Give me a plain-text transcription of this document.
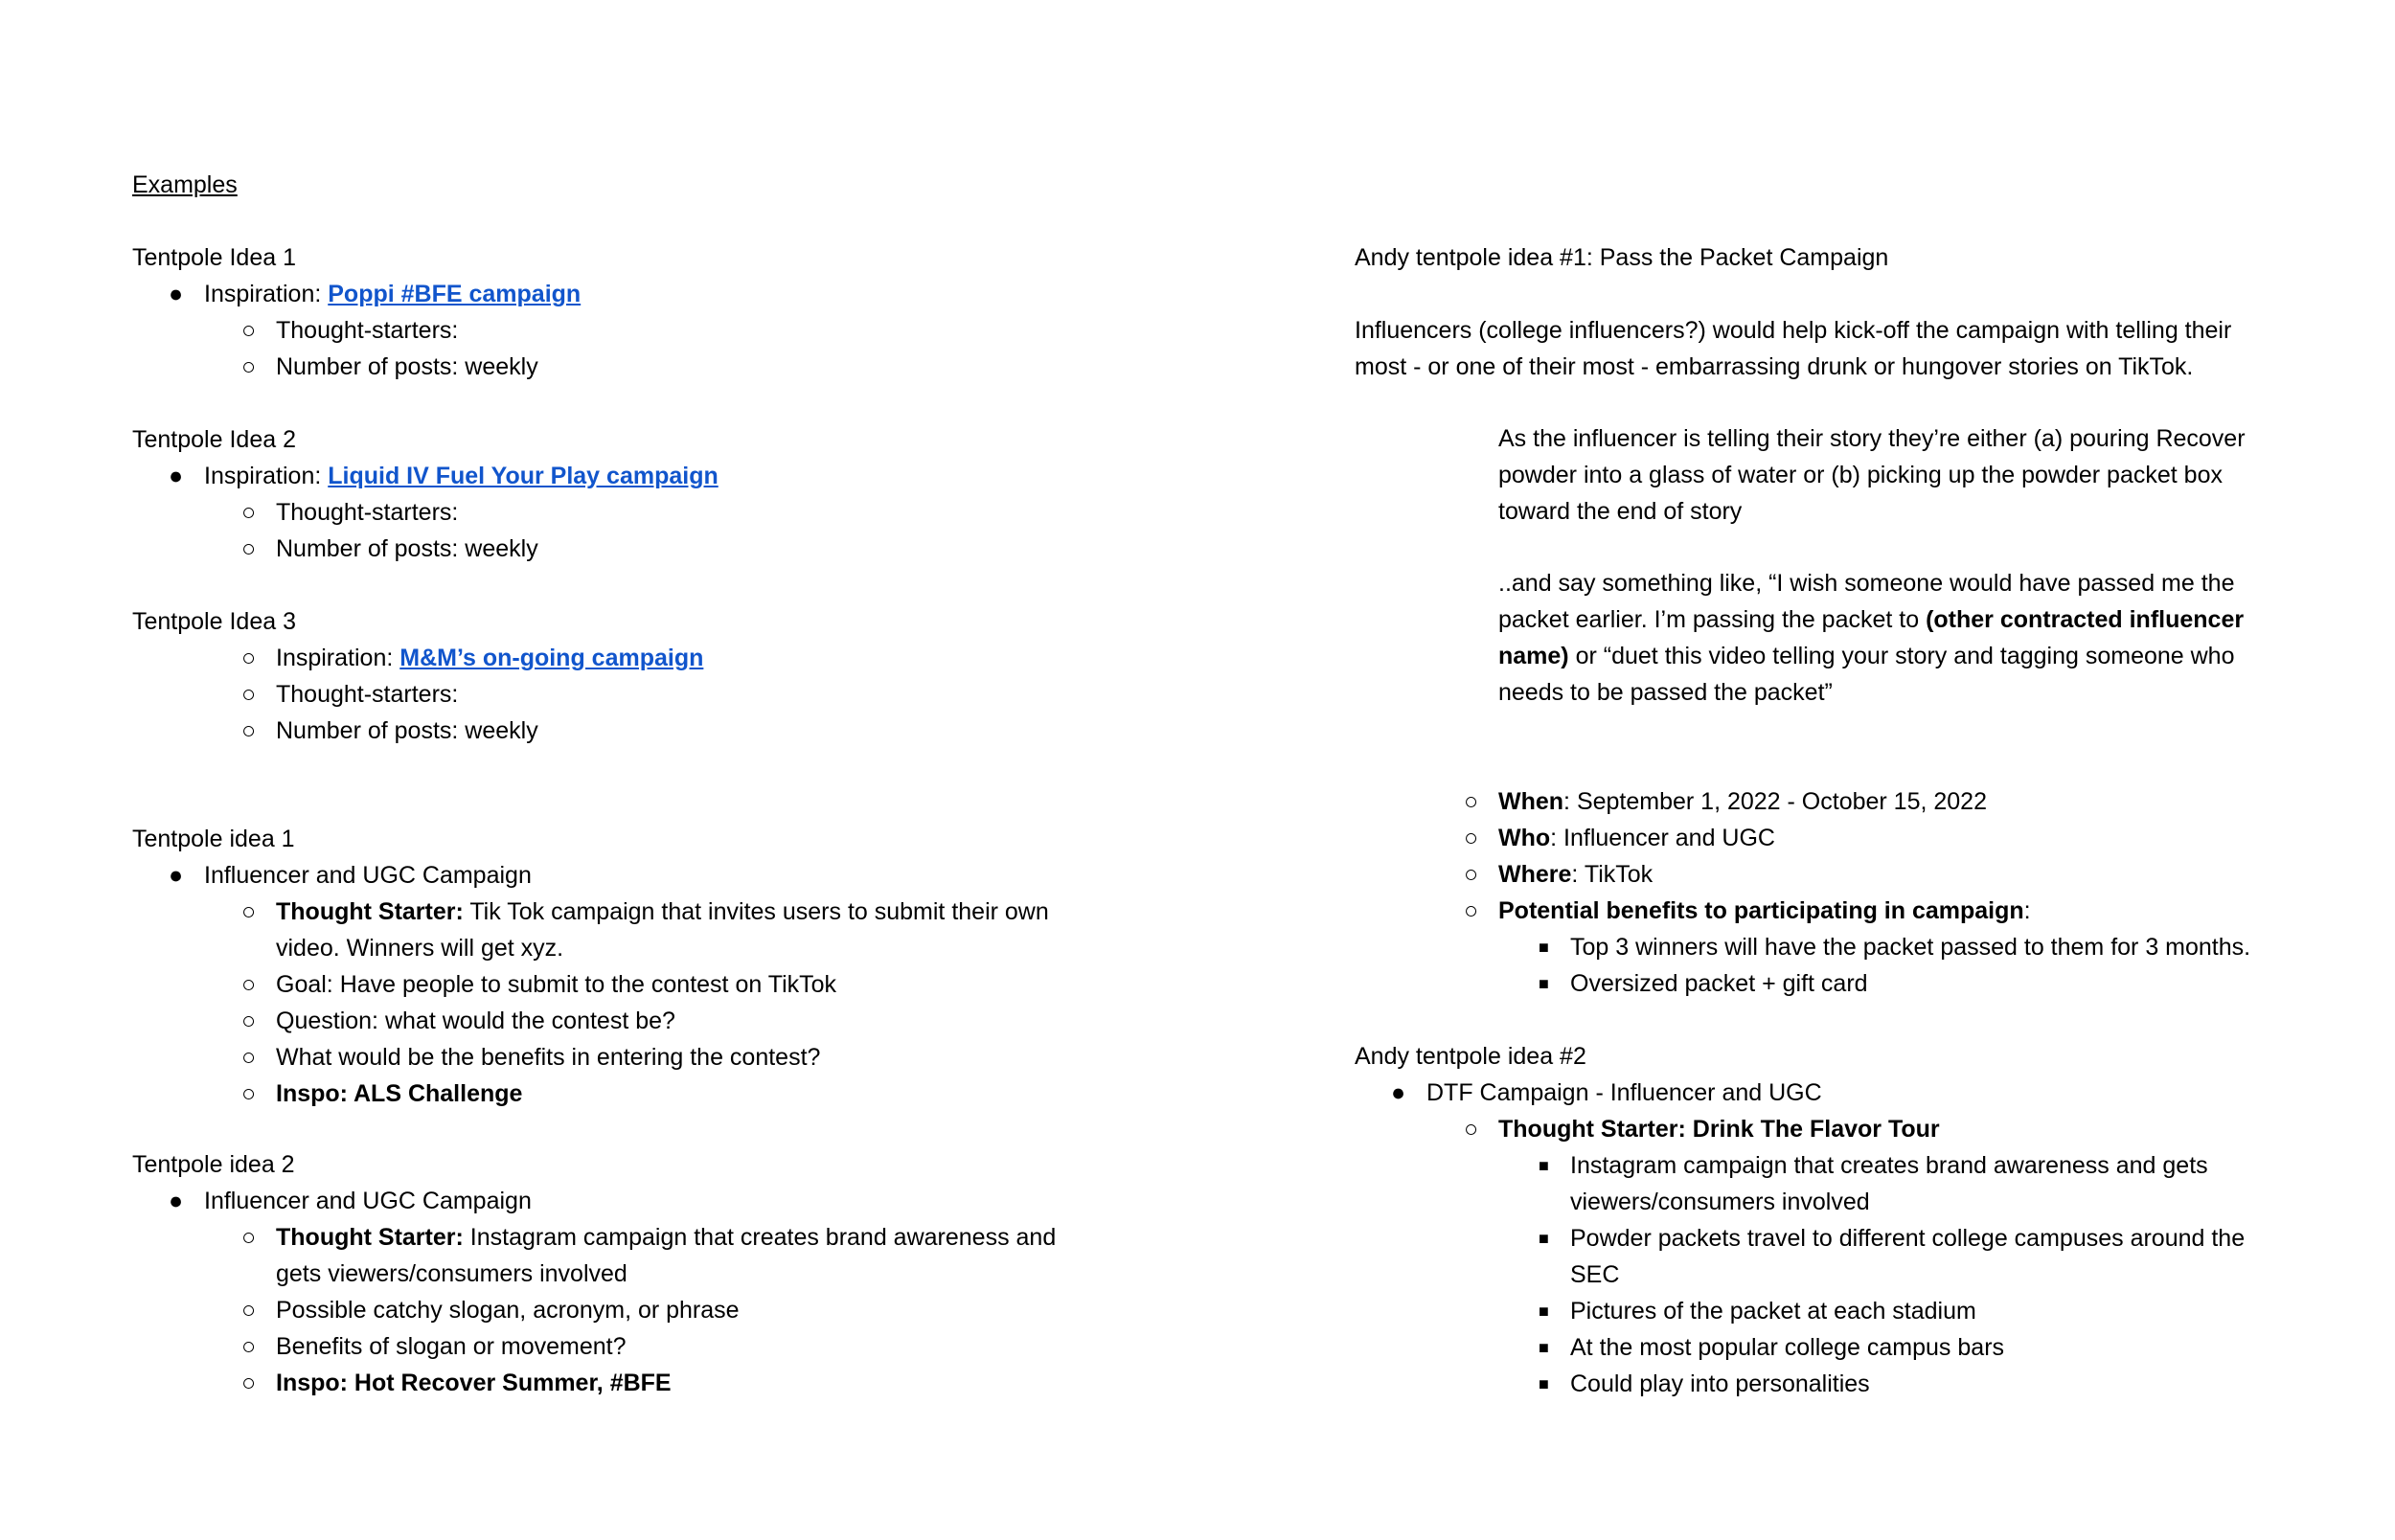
Examples
Tentpole Idea 1
● Inspiration: Poppi #BFE campaign
○ Thought-starters:
○ Number of posts: weekly
Tentpole Idea 2
● Inspiration: Liquid IV Fuel Your Play campaign
○ Thought-starters:
○ Number of posts: weekly
Tentpole Idea 3
○ Inspiration: M&M’s on-going campaign
○ Thought-starters:
○ Number of posts: weekly
Tentpole idea 1
● Influencer and UGC Campaign
○ Thought Starter: Tik Tok campaign that invites users to submit their own
video. Winners will get xyz.
○ Goal: Have people to submit to the contest on TikTok
○ Question: what would the contest be?
○ What would be the benefits in entering the contest?
○ Inspo: ALS Challenge
Tentpole idea 2
● Influencer and UGC Campaign
○ Thought Starter: Instagram campaign that creates brand awareness and
gets viewers/consumers involved
○ Possible catchy slogan, acronym, or phrase
○ Benefits of slogan or movement?
○ Inspo: Hot Recover Summer, #BFE
Andy tentpole idea #1: Pass the Packet Campaign
Influencers (college influencers?) would help kick-off the campaign with telling their
most - or one of their most - embarrassing drunk or hungover stories on TikTok.
As the influencer is telling their story they’re either (a) pouring Recover
powder into a glass of water or (b) picking up the powder packet box
toward the end of story
..and say something like, “I wish someone would have passed me the
packet earlier. I’m passing the packet to (other contracted influencer
name) or “duet this video telling your story and tagging someone who
needs to be passed the packet”
○ When: September 1, 2022 - October 15, 2022
○ Who: Influencer and UGC
○ Where: TikTok
○ Potential benefits to participating in campaign:
■ Top 3 winners will have the packet passed to them for 3 months.
■ Oversized packet + gift card
Andy tentpole idea #2
● DTF Campaign - Influencer and UGC
○ Thought Starter: Drink The Flavor Tour
■ Instagram campaign that creates brand awareness and gets
viewers/consumers involved
■ Powder packets travel to different college campuses around the
SEC
■ Pictures of the packet at each stadium
■ At the most popular college campus bars
■ Could play into personalities
